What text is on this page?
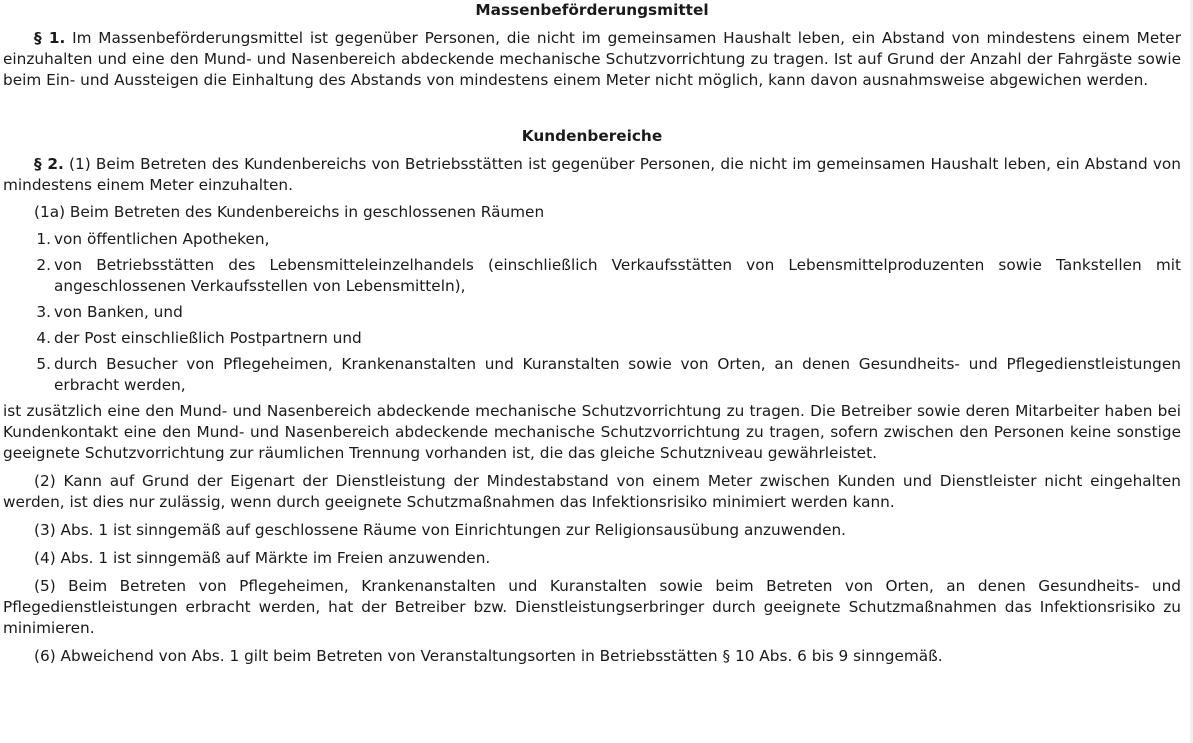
Massenbeförderungsmittel

§ 1. Im Massenbeförderungsmittel ist gegenüber Personen, die nicht im gemeinsamen Haushalt leben, ein Abstand von mindestens einem Meter einzuhalten und eine den Mund- und Nasenbereich abdeckende mechanische Schutzvorrichtung zu tragen. Ist auf Grund der Anzahl der Fahrgäste sowie beim Ein- und Aussteigen die Einhaltung des Abstands von mindestens einem Meter nicht möglich, kann davon ausnahmsweise abgewichen werden.

Kundenbereiche

§ 2. (1) Beim Betreten des Kundenbereichs von Betriebsstätten ist gegenüber Personen, die nicht im gemeinsamen Haushalt leben, ein Abstand von mindestens einem Meter einzuhalten.

(1a) Beim Betreten des Kundenbereichs in geschlossenen Räumen

1. von öffentlichen Apotheken,
2. von Betriebsstätten des Lebensmitteleinzelhandels (einschließlich Verkaufsstätten von Lebensmittelproduzenten sowie Tankstellen mit angeschlossenen Verkaufsstellen von Lebensmitteln),
3. von Banken, und
4. der Post einschließlich Postpartnern und
5. durch Besucher von Pflegeheimen, Krankenanstalten und Kuranstalten sowie von Orten, an denen Gesundheits- und Pflegedienstleistungen erbracht werden,

ist zusätzlich eine den Mund- und Nasenbereich abdeckende mechanische Schutzvorrichtung zu tragen. Die Betreiber sowie deren Mitarbeiter haben bei Kundenkontakt eine den Mund- und Nasenbereich abdeckende mechanische Schutzvorrichtung zu tragen, sofern zwischen den Personen keine sonstige geeignete Schutzvorrichtung zur räumlichen Trennung vorhanden ist, die das gleiche Schutzniveau gewährleistet.

(2) Kann auf Grund der Eigenart der Dienstleistung der Mindestabstand von einem Meter zwischen Kunden und Dienstleister nicht eingehalten werden, ist dies nur zulässig, wenn durch geeignete Schutzmaßnahmen das Infektionsrisiko minimiert werden kann.

(3) Abs. 1 ist sinngemäß auf geschlossene Räume von Einrichtungen zur Religionsausübung anzuwenden.

(4) Abs. 1 ist sinngemäß auf Märkte im Freien anzuwenden.

(5) Beim Betreten von Pflegeheimen, Krankenanstalten und Kuranstalten sowie beim Betreten von Orten, an denen Gesundheits- und Pflegedienstleistungen erbracht werden, hat der Betreiber bzw. Dienstleistungserbringer durch geeignete Schutzmaßnahmen das Infektionsrisiko zu minimieren.

(6) Abweichend von Abs. 1 gilt beim Betreten von Veranstaltungsorten in Betriebsstätten § 10 Abs. 6 bis 9 sinngemäß.
